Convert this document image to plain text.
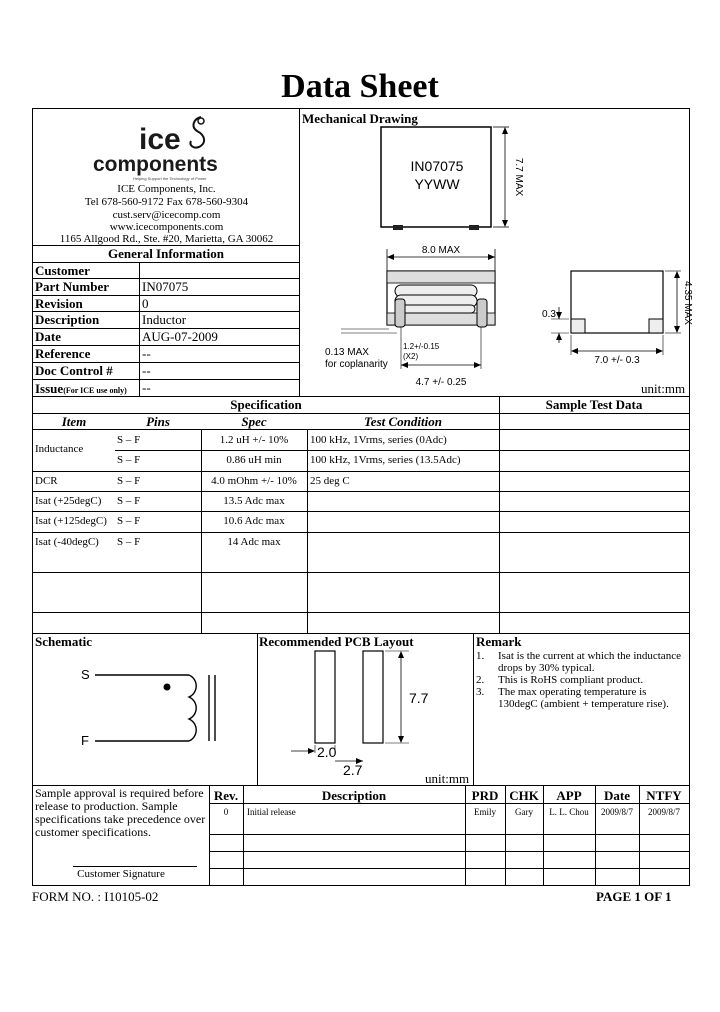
Data Sheet
ice
components
Helping Support the Technology of Power
ICE Components, Inc.
Tel 678-560-9172 Fax 678-560-9304
cust.serv@icecomp.com
www.icecomponents.com
1165 Allgood Rd., Ste. #20, Marietta, GA 30062
General Information
Customer
Part Number	IN07075
Revision	0
Description	Inductor
Date	AUG-07-2009
Reference	--
Doc Control # --
Issue(For ICE use only) --
Mechanical Drawing
IN07075
YYWW	7.7 MAX
8.0 MAX
0.13 MAX
for coplanarity
1.2+/-0.15
(X2)
4.7 +/- 0.25
4.35 MAX
0.3
7.0 +/- 0.3
unit:mm
Specification	Sample Test Data
Item	Pins	Spec	Test Condition
Inductance
S – F	1.2 uH +/- 10%	100 kHz, 1Vrms, series (0Adc)
S – F	0.86 uH min	100 kHz, 1Vrms, series (13.5Adc)
DCR	S – F	4.0 mOhm +/- 10%	25 deg C
Isat (+25degC) S – F	13.5 Adc max
Isat (+125degC) S – F	10.6 Adc max
Isat (-40degC) S – F	14 Adc max
Schematic
S
F
Recommended PCB Layout
7.7
2.0
2.7
unit:mm
Remark
1.	Isat is the current at which the inductance drops by 30% typical.
2.	This is RoHS compliant product.
3.	The max operating temperature is 130degC (ambient + temperature rise).
Sample approval is required before release to production. Sample specifications take precedence over customer specifications.
Customer Signature
Rev.	Description	PRD CHK	APP	Date	NTFY
0	Initial release	Emily	Gary	L. L. Chou	2009/8/7	2009/8/7
FORM NO. : I10105-02	PAGE 1 OF 1
